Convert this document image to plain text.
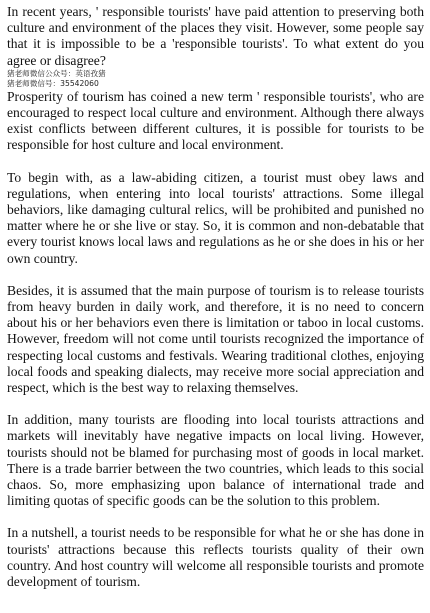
In recent years, ' responsible tourists' have paid attention to preserving both culture and environment of the places they visit. However, some people say that it is impossible to be a 'responsible tourists'. To what extent do you agree or disagree?

猪老师微信公众号：英语孜猪
猪老师微信号：35542060

Prosperity of tourism has coined a new term ' responsible tourists', who are encouraged to respect local culture and environment. Although there always exist conflicts between different cultures, it is possible for tourists to be responsible for host culture and local environment.

To begin with, as a law-abiding citizen, a tourist must obey laws and regulations, when entering into local tourists' attractions. Some illegal behaviors, like damaging cultural relics, will be prohibited and punished no matter where he or she live or stay. So, it is common and non-debatable that every tourist knows local laws and regulations as he or she does in his or her own country.

Besides, it is assumed that the main purpose of tourism is to release tourists from heavy burden in daily work, and therefore, it is no need to concern about his or her behaviors even there is limitation or taboo in local customs. However, freedom will not come until tourists recognized the importance of respecting local customs and festivals. Wearing traditional clothes, enjoying local foods and speaking dialects, may receive more social appreciation and respect, which is the best way to relaxing themselves.

In addition, many tourists are flooding into local tourists attractions and markets will inevitably have negative impacts on local living. However, tourists should not be blamed for purchasing most of goods in local market. There is a trade barrier between the two countries, which leads to this social chaos. So, more emphasizing upon balance of international trade and limiting quotas of specific goods can be the solution to this problem.

In a nutshell, a tourist needs to be responsible for what he or she has done in tourists' attractions because this reflects tourists quality of their own country. And host country will welcome all responsible tourists and promote development of tourism.
